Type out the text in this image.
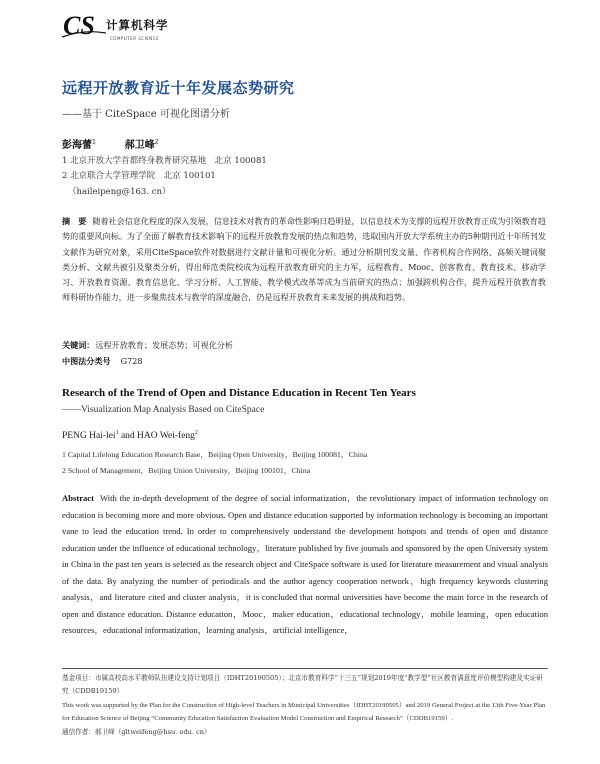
CS 计算机科学
COMPUTER SCIENCE
远程开放教育近十年发展态势研究
——基于 CiteSpace 可视化图谱分析
彭海蕾$^1$	郝卫峰$^2$
1 北京开放大学首都终身教育研究基地　北京 100081
2 北京联合大学管理学院　北京 100101
（haileipeng@163. cn）
摘　要 随着社会信息化程度的深入发展，信息技术对教育的革命性影响日趋明显，以信息技术为支撑的远程开放教育正成为引领教育趋势的重要风向标。为了全面了解教育技术影响下的远程开放教育发展的热点和趋势，选取国内开放大学系统主办的5种期刊近十年所刊发文献作为研究对象，采用CiteSpace软件对数据进行文献计量和可视化分析。通过分析期刊发文量、作者机构合作网络、高频关键词聚类分析、文献共被引及聚类分析，得出师范类院校成为远程开放教育研究的主力军，远程教育、Mooc、创客教育、教育技术、移动学习、开放教育资源、教育信息化、学习分析、人工智能、教学模式改革等成为当前研究的热点；加强跨机构合作，提升远程开放教育教师科研协作能力，进一步聚焦技术与教学的深度融合，仍是远程开放教育未来发展的挑战和趋势。
关键词：远程开放教育；发展态势；可视化分析
中图法分类号 G728
Research of the Trend of Open and Distance Education in Recent Ten Years
——Visualization Map Analysis Based on CiteSpace
PENG Hai-lei$^1$ and HAO Wei-feng$^2$
1 Capital Lifelong Education Research Base，Beijing Open University，Beijing 100081，China
2 School of Management，Beijing Union University，Beijing 100101，China
Abstract With the in-depth development of the degree of social informatization，the revolutionary impact of information technology on education is becoming more and more obvious. Open and distance education supported by information technology is becoming an important vane to lead the education trend. In order to comprehensively understand the development hotspots and trends of open and distance education under the influence of educational technology，literature published by five journals and sponsored by the open University system in China in the past ten years is selected as the research object and CiteSpace software is used for literature measurement and visual analysis of the data. By analyzing the number of periodicals and the author agency cooperation network，high frequency keywords clustering analysis，and literature cited and cluster analysis，it is concluded that normal universities have become the main force in the research of open and distance education. Distance education，Mooc，maker education，educational technology，mobile learning，open education resources，educational informatization，learning analysis，artificial intelligence，

基金项目：市属高校高水平教师队伍建设支持计划项目（IDHT20190505）；北京市教育科学“十三五”规划2019年度“教学型”社区教育满意度评价模型构建及实证研究（CDDB19159）

This work was supported by the Plan for the Construction of High-level Teachers in Municipal Universities（IDHT20190505）and 2019 General Project at the 13th Five-Year Plan for Education Science of Beijing “Community Education Satisfaction Evaluation Model Construction and Empirical Research”（CDDB19159）.

通信作者：郝卫峰（gltweifeng@hsu. edu. cn）
